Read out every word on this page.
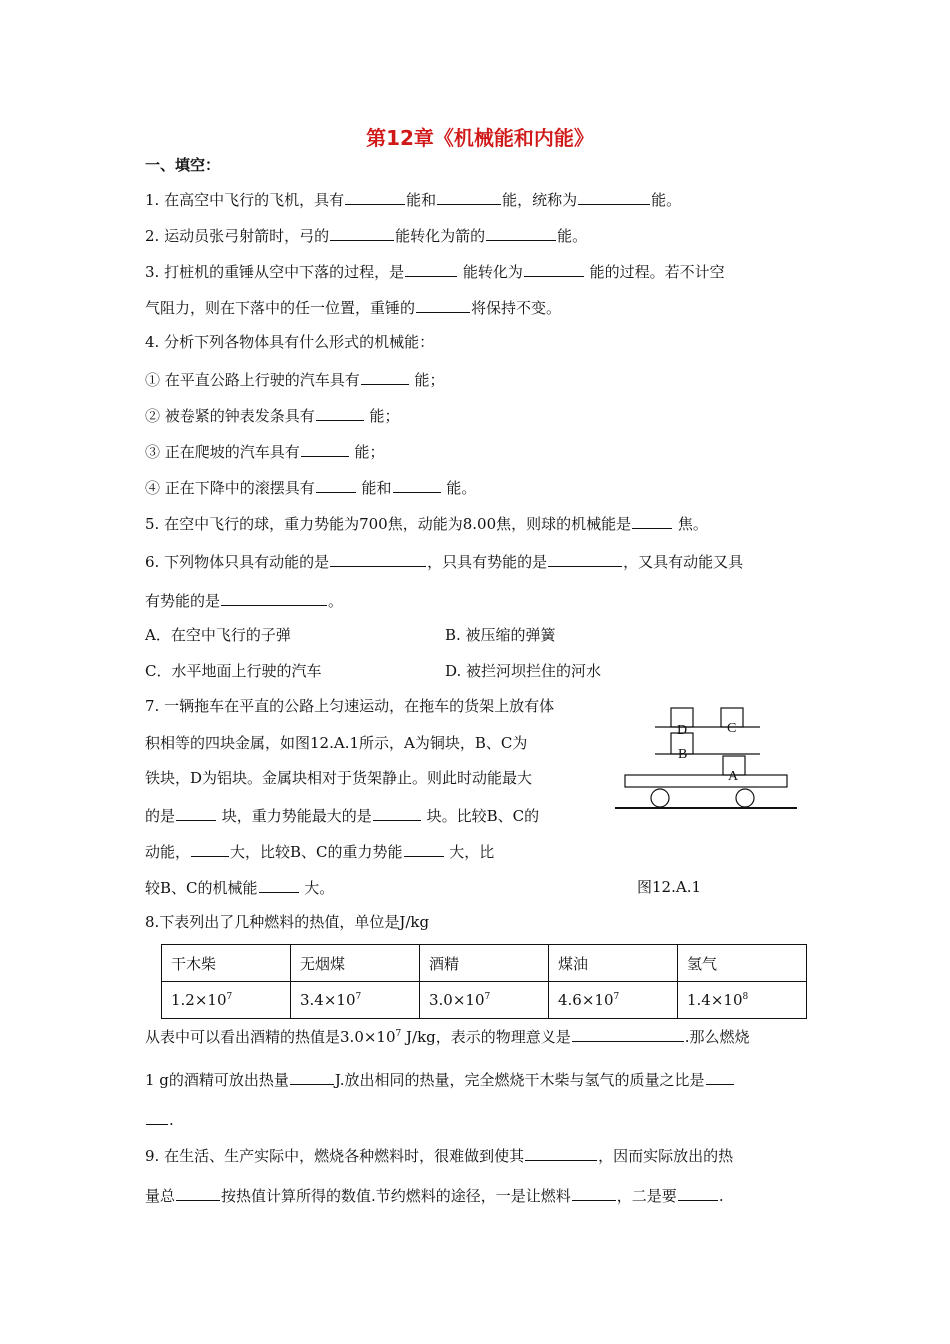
第12章《机械能和内能》
一、填空：
1. 在高空中飞行的飞机，具有	能和	能，统称为	能。
2. 运动员张弓射箭时，弓的	能转化为箭的	能。
3. 打桩机的重锤从空中下落的过程，是	能转化为	能的过程。若不计空
气阻力，则在下落中的任一位置，重锤的	将保持不变。
4. 分析下列各物体具有什么形式的机械能：
① 在平直公路上行驶的汽车具有	能；
② 被卷紧的钟表发条具有	能；
③ 正在爬坡的汽车具有	能；
④ 正在下降中的滚摆具有	能和	能。
5. 在空中飞行的球，重力势能为700焦，动能为8.00焦，则球的机械能是	焦。
6. 下列物体只具有动能的是	，只具有势能的是	，又具有动能又具
有势能的是	。
A．在空中飞行的子弹	B. 被压缩的弹簧
C．水平地面上行驶的汽车	D. 被拦河坝拦住的河水
7. 一辆拖车在平直的公路上匀速运动，在拖车的货架上放有体
积相等的四块金属，如图12.A.1所示，A为铜块，B、C为
铁块，D为铝块。金属块相对于货架静止。则此时动能最大
的是	块，重力势能最大的是	块。比较B、C的
动能，	大，比较B、C的重力势能	大，比
较B、C的机械能	大。
D	C
B
A
图12.A.1
8.下表列出了几种燃料的热值，单位是J/kg
干木柴	无烟煤	酒精	煤油	氢气
$1.2\times 10^7$	$3.4\times 10^7$	$3.0\times 10^7$	$4.6\times 10^7$	$1.4\times 10^8$
从表中可以看出酒精的热值是$3.0\times 10^7$ J/kg，表示的物理意义是	.那么燃烧
1 g的酒精可放出热量	J.放出相同的热量，完全燃烧干木柴与氢气的质量之比是
.
9. 在生活、生产实际中，燃烧各种燃料时，很难做到使其	，因而实际放出的热
量总	按热值计算所得的数值.节约燃料的途径，一是让燃料	，二是要	.
